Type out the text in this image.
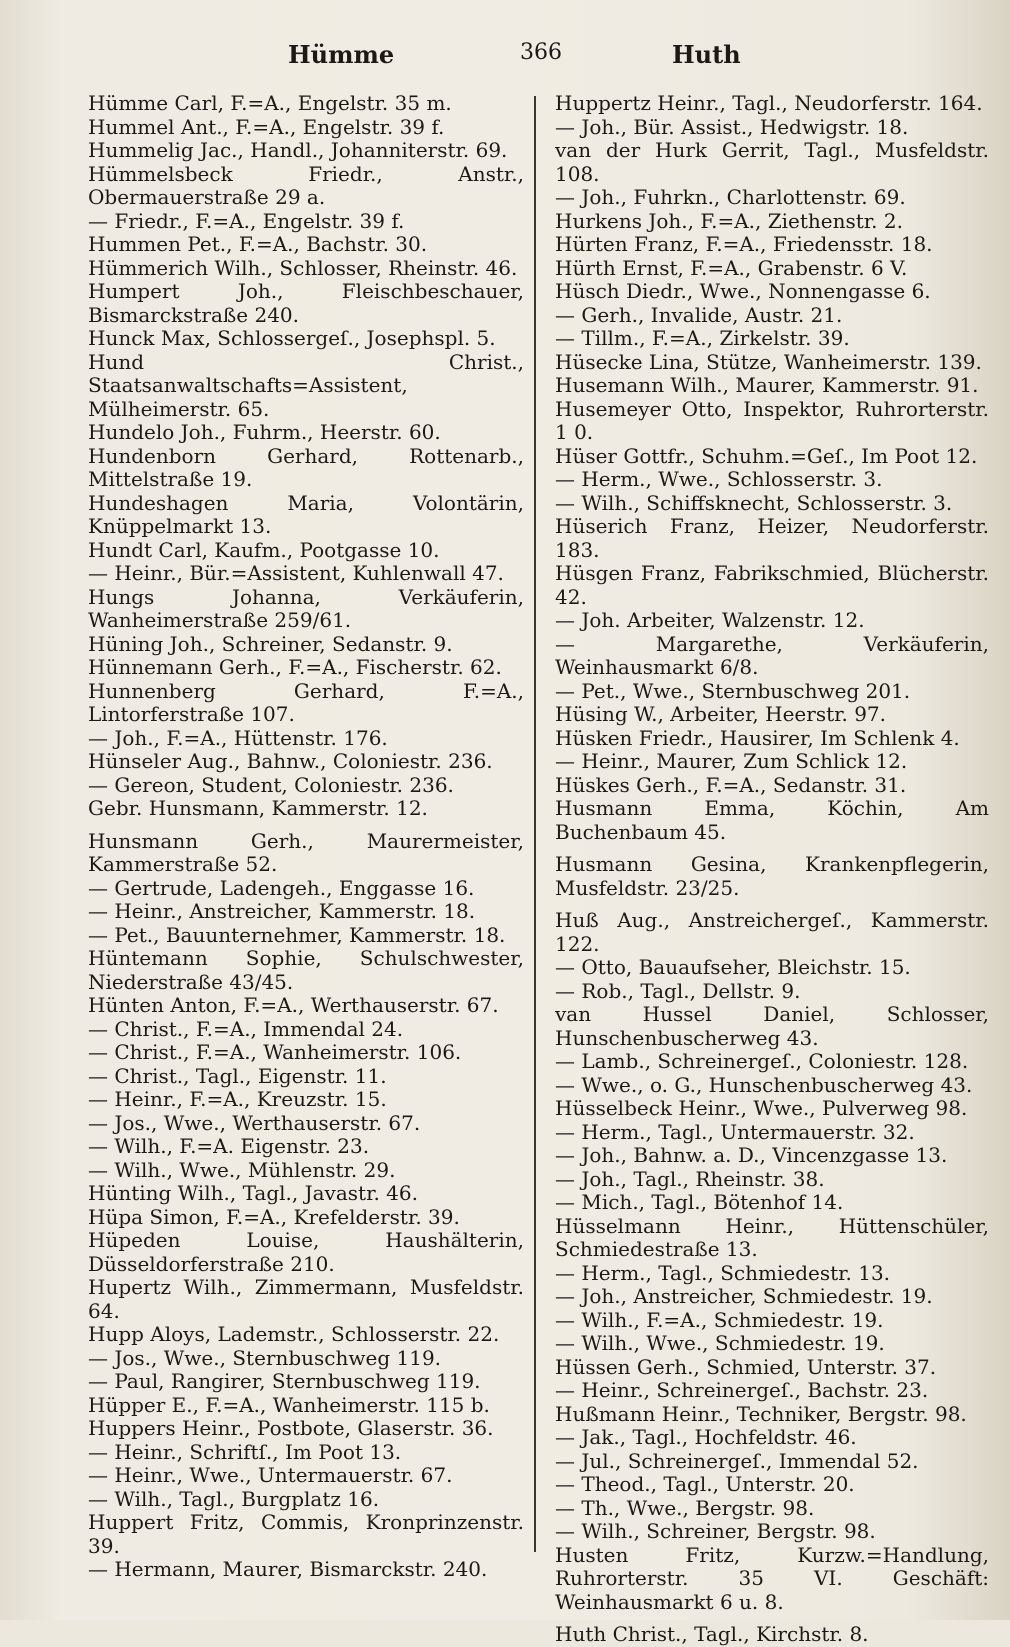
Hümme	366	Huth
Hümme Carl, F.=A., Engelstr. 35 m.
Hummel Ant., F.=A., Engelstr. 39 f.
Hummelig Jac., Handl., Johanniterstr. 69.
Hümmelsbeck Friedr., Anstr., Obermauerstraße 29 a.
— Friedr., F.=A., Engelstr. 39 f.
Hummen Pet., F.=A., Bachstr. 30.
Hümmerich Wilh., Schlosser, Rheinstr. 46.
Humpert Joh., Fleischbeschauer, Bismarckstraße 240.
Hunck Max, Schlossergeſ., Josephspl. 5.
Hund Christ., Staatsanwaltschafts=Assistent, Mülheimerstr. 65.
Hundelo Joh., Fuhrm., Heerstr. 60.
Hundenborn Gerhard, Rottenarb., Mittelstraße 19.
Hundeshagen Maria, Volontärin, Knüppelmarkt 13.
Hundt Carl, Kaufm., Pootgasse 10.
— Heinr., Bür.=Assistent, Kuhlenwall 47.
Hungs Johanna, Verkäuferin, Wanheimerstraße 259/61.
Hüning Joh., Schreiner, Sedanstr. 9.
Hünnemann Gerh., F.=A., Fischerstr. 62.
Hunnenberg Gerhard, F.=A., Lintorferstraße 107.
— Joh., F.=A., Hüttenstr. 176.
Hünseler Aug., Bahnw., Coloniestr. 236.
— Gereon, Student, Coloniestr. 236.
Gebr. Hunsmann, Kammerstr. 12.
Hunsmann Gerh., Maurermeister, Kammerstraße 52.
— Gertrude, Ladengeh., Enggasse 16.
— Heinr., Anstreicher, Kammerstr. 18.
— Pet., Bauunternehmer, Kammerstr. 18.
Hüntemann Sophie, Schulschwester, Niederstraße 43/45.
Hünten Anton, F.=A., Werthauserstr. 67.
— Christ., F.=A., Immendal 24.
— Christ., F.=A., Wanheimerstr. 106.
— Christ., Tagl., Eigenstr. 11.
— Heinr., F.=A., Kreuzstr. 15.
— Jos., Wwe., Werthauserstr. 67.
— Wilh., F.=A. Eigenstr. 23.
— Wilh., Wwe., Mühlenstr. 29.
Hünting Wilh., Tagl., Javastr. 46.
Hüpa Simon, F.=A., Krefelderstr. 39.
Hüpeden Louise, Haushälterin, Düsseldorferstraße 210.
Hupertz Wilh., Zimmermann, Musfeldstr. 64.
Hupp Aloys, Lademstr., Schlosserstr. 22.
— Jos., Wwe., Sternbuschweg 119.
— Paul, Rangirer, Sternbuschweg 119.
Hüpper E., F.=A., Wanheimerstr. 115 b.
Huppers Heinr., Postbote, Glaserstr. 36.
— Heinr., Schriftſ., Im Poot 13.
— Heinr., Wwe., Untermauerstr. 67.
— Wilh., Tagl., Burgplatz 16.
Huppert Fritz, Commis, Kronprinzenstr. 39.
— Hermann, Maurer, Bismarckstr. 240.
Huppertz Heinr., Tagl., Neudorferstr. 164.
— Joh., Bür. Assist., Hedwigstr. 18.
van der Hurk Gerrit, Tagl., Musfeldstr. 108.
— Joh., Fuhrkn., Charlottenstr. 69.
Hurkens Joh., F.=A., Ziethenstr. 2.
Hürten Franz, F.=A., Friedensstr. 18.
Hürth Ernst, F.=A., Grabenstr. 6 V.
Hüsch Diedr., Wwe., Nonnengasse 6.
— Gerh., Invalide, Austr. 21.
— Tillm., F.=A., Zirkelstr. 39.
Hüsecke Lina, Stütze, Wanheimerstr. 139.
Husemann Wilh., Maurer, Kammerstr. 91.
Husemeyer Otto, Inspektor, Ruhrorterstr. 1 0.
Hüser Gottfr., Schuhm.=Geſ., Im Poot 12.
— Herm., Wwe., Schlosserstr. 3.
— Wilh., Schiffsknecht, Schlosserstr. 3.
Hüserich Franz, Heizer, Neudorferstr. 183.
Hüsgen Franz, Fabrikschmied, Blücherstr. 42.
— Joh. Arbeiter, Walzenstr. 12.
— Margarethe, Verkäuferin, Weinhausmarkt 6/8.
— Pet., Wwe., Sternbuschweg 201.
Hüsing W., Arbeiter, Heerstr. 97.
Hüsken Friedr., Hausirer, Im Schlenk 4.
— Heinr., Maurer, Zum Schlick 12.
Hüskes Gerh., F.=A., Sedanstr. 31.
Husmann Emma, Köchin, Am Buchenbaum 45.
Husmann Gesina, Krankenpflegerin, Musfeldstr. 23/25.
Huß Aug., Anstreichergeſ., Kammerstr. 122.
— Otto, Bauaufseher, Bleichstr. 15.
— Rob., Tagl., Dellstr. 9.
van Hussel Daniel, Schlosser, Hunschenbuscherweg 43.
— Lamb., Schreinergeſ., Coloniestr. 128.
— Wwe., o. G., Hunschenbuscherweg 43.
Hüsselbeck Heinr., Wwe., Pulverweg 98.
— Herm., Tagl., Untermauerstr. 32.
— Joh., Bahnw. a. D., Vincenzgasse 13.
— Joh., Tagl., Rheinstr. 38.
— Mich., Tagl., Bötenhof 14.
Hüsselmann Heinr., Hüttenschüler, Schmiedestraße 13.
— Herm., Tagl., Schmiedestr. 13.
— Joh., Anstreicher, Schmiedestr. 19.
— Wilh., F.=A., Schmiedestr. 19.
— Wilh., Wwe., Schmiedestr. 19.
Hüssen Gerh., Schmied, Unterstr. 37.
— Heinr., Schreinergeſ., Bachstr. 23.
Hußmann Heinr., Techniker, Bergstr. 98.
— Jak., Tagl., Hochfeldstr. 46.
— Jul., Schreinergeſ., Immendal 52.
— Theod., Tagl., Unterstr. 20.
— Th., Wwe., Bergstr. 98.
— Wilh., Schreiner, Bergstr. 98.
Husten Fritz, Kurzw.=Handlung, Ruhrorterstr. 35 VI. Geschäft: Weinhausmarkt 6 u. 8.
Huth Christ., Tagl., Kirchstr. 8.
